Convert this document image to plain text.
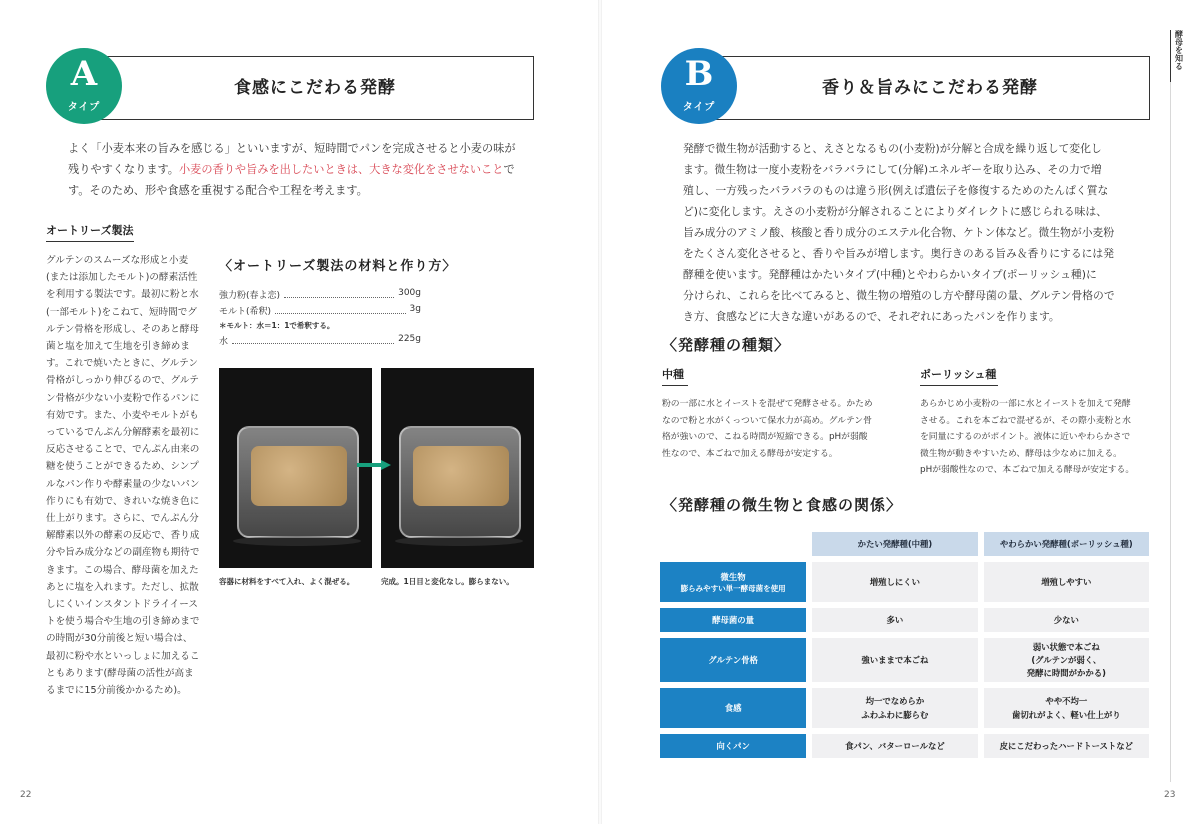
食感にこだわる発酵
A
タイプ
よく「小麦本来の旨みを感じる」といいますが、短時間でパンを完成させると小麦の味が
残りやすくなります。小麦の香りや旨みを出したいときは、大きな変化をさせないことで
す。そのため、形や食感を重視する配合や工程を考えます。
オートリーズ製法
グルテンのスムーズな形成と小麦
(または添加したモルト)の酵素活性
を利用する製法です。最初に粉と水
(一部モルト)をこねて、短時間でグ
ルテン骨格を形成し、そのあと酵母
菌と塩を加えて生地を引き締めま
す。これで焼いたときに、グルテン
骨格がしっかり伸びるので、グルテ
ン骨格が少ない小麦粉で作るパンに
有効です。また、小麦やモルトがも
っているでんぷん分解酵素を最初に
反応させることで、でんぷん由来の
糖を使うことができるため、シンプ
ルなパン作りや酵素量の少ないパン
作りにも有効で、きれいな焼き色に
仕上がります。さらに、でんぷん分
解酵素以外の酵素の反応で、香り成
分や旨み成分などの副産物も期待で
きます。この場合、酵母菌を加えた
あとに塩を入れます。ただし、拡散
しにくいインスタントドライイース
トを使う場合や生地の引き締めまで
の時間が30分前後と短い場合は、
最初に粉や水といっしょに加えるこ
ともあります(酵母菌の活性が高ま
るまでに15分前後かかるため)。
〈オートリーズ製法の材料と作り方〉
強力粉(春よ恋)	300g
モルト(希釈)	3g
＊モルト：水＝1：1で希釈する。
水	225g
容器に材料をすべて入れ、よく混ぜる。	完成。1日目と変化なし。膨らまない。
22
香り＆旨みにこだわる発酵
B
タイプ
酵母を知る
発酵で微生物が活動すると、えさとなるもの(小麦粉)が分解と合成を繰り返して変化し
ます。微生物は一度小麦粉をバラバラにして(分解)エネルギーを取り込み、その力で増
殖し、一方残ったバラバラのものは違う形(例えば遺伝子を修復するためのたんぱく質な
ど)に変化します。えさの小麦粉が分解されることによりダイレクトに感じられる味は、
旨み成分のアミノ酸、核酸と香り成分のエステル化合物、ケトン体など。微生物が小麦粉
をたくさん変化させると、香りや旨みが増します。奥行きのある旨み＆香りにするには発
酵種を使います。発酵種はかたいタイプ(中種)とやわらかいタイプ(ポーリッシュ種)に
分けられ、これらを比べてみると、微生物の増殖のし方や酵母菌の量、グルテン骨格ので
き方、食感などに大きな違いがあるので、それぞれにあったパンを作ります。
〈発酵種の種類〉
中種
粉の一部に水とイーストを混ぜて発酵させる。かため
なので粉と水がくっついて保水力が高め。グルテン骨
格が強いので、こねる時間が短縮できる。pHが弱酸
性なので、本ごねで加える酵母が安定する。
ポーリッシュ種
あらかじめ小麦粉の一部に水とイーストを加えて発酵
させる。これを本ごねで混ぜるが、その際小麦粉と水
を同量にするのがポイント。液体に近いやわらかさで
微生物が動きやすいため、酵母は少なめに加える。
pHが弱酸性なので、本ごねで加える酵母が安定する。
〈発酵種の微生物と食感の関係〉
		かたい発酵種(中種)		やわらかい発酵種(ポーリッシュ種)

微生物
膨らみやすい単一酵母菌を使用		増殖しにくい		増殖しやすい
酵母菌の量		多い		少ない
グルテン骨格		強いままで本ごね		弱い状態で本ごね
(グルテンが弱く、
発酵に時間がかかる)
食感		均一でなめらか
ふわふわに膨らむ		やや不均一
歯切れがよく、軽い仕上がり
向くパン		食パン、バターロールなど		皮にこだわったハードトーストなど
23
